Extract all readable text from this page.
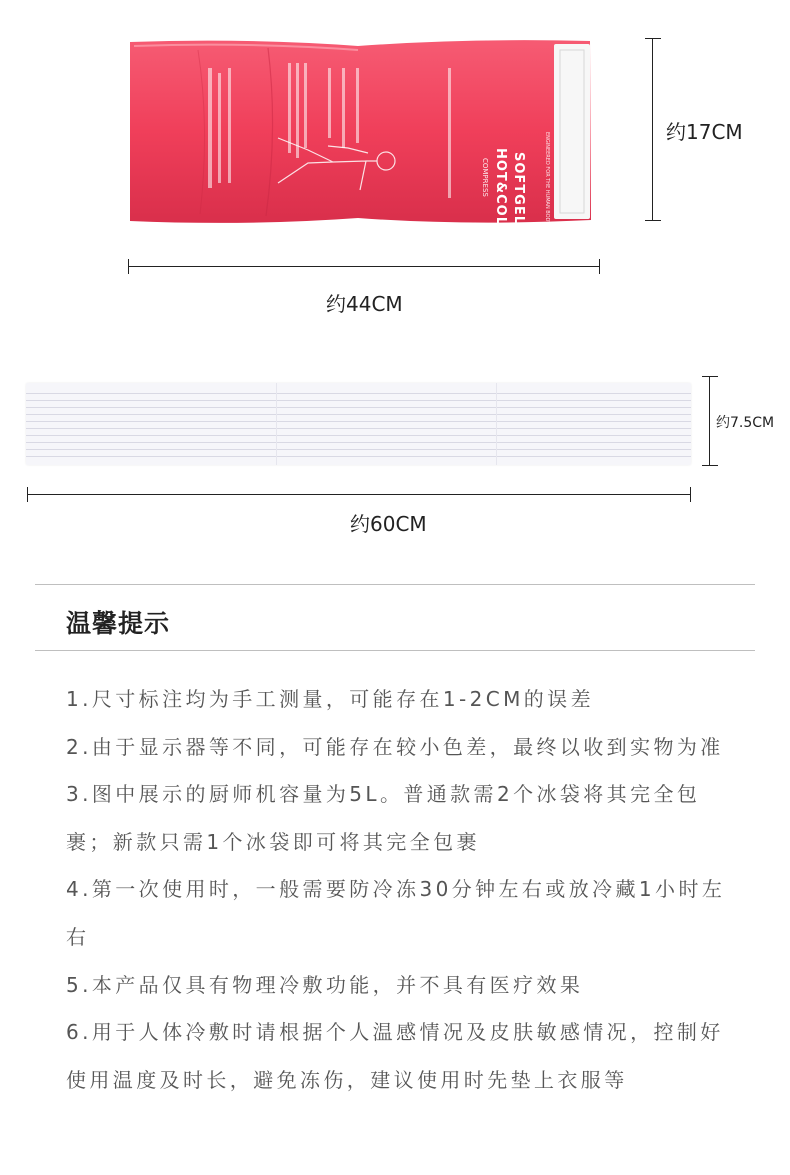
SOFTGEL
HOT&COLD
COMPRESS	ENGINEERED FOR THE HUMAN BODY	约17CM
约44CM
约7.5CM
约60CM
温馨提示
1.尺寸标注均为手工测量，可能存在1-2CM的误差
2.由于显示器等不同，可能存在较小色差，最终以收到实物为准
3.图中展示的厨师机容量为5L。普通款需2个冰袋将其完全包裹；新款只需1个冰袋即可将其完全包裹
4.第一次使用时，一般需要防冷冻30分钟左右或放冷藏1小时左右
5.本产品仅具有物理冷敷功能，并不具有医疗效果
6.用于人体冷敷时请根据个人温感情况及皮肤敏感情况，控制好使用温度及时长，避免冻伤，建议使用时先垫上衣服等
